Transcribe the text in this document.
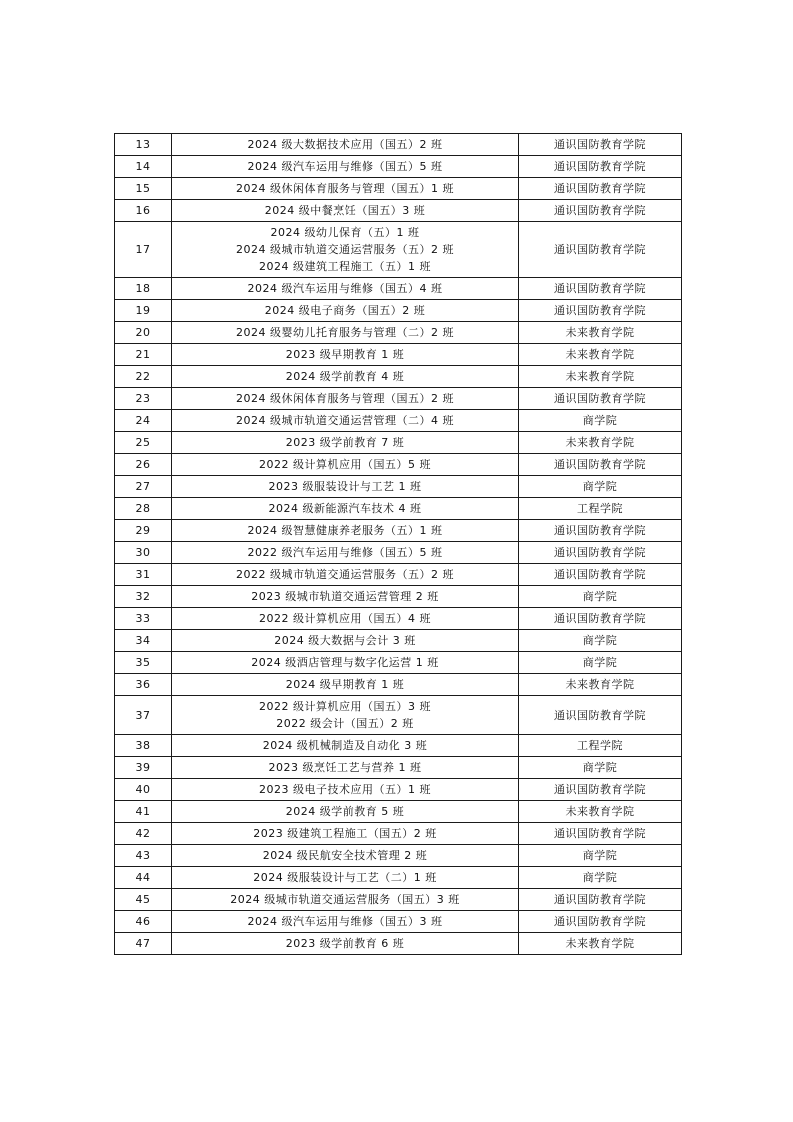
13	2024 级大数据技术应用（国五）2 班	通识国防教育学院
14	2024 级汽车运用与维修（国五）5 班	通识国防教育学院
15	2024 级休闲体育服务与管理（国五）1 班	通识国防教育学院
16	2024 级中餐烹饪（国五）3 班	通识国防教育学院
17	2024 级幼儿保育（五）1 班
2024 级城市轨道交通运营服务（五）2 班
2024 级建筑工程施工（五）1 班	通识国防教育学院
18	2024 级汽车运用与维修（国五）4 班	通识国防教育学院
19	2024 级电子商务（国五）2 班	通识国防教育学院
20	2024 级婴幼儿托育服务与管理（二）2 班	未来教育学院
21	2023 级早期教育 1 班	未来教育学院
22	2024 级学前教育 4 班	未来教育学院
23	2024 级休闲体育服务与管理（国五）2 班	通识国防教育学院
24	2024 级城市轨道交通运营管理（二）4 班	商学院
25	2023 级学前教育 7 班	未来教育学院
26	2022 级计算机应用（国五）5 班	通识国防教育学院
27	2023 级服装设计与工艺 1 班	商学院
28	2024 级新能源汽车技术 4 班	工程学院
29	2024 级智慧健康养老服务（五）1 班	通识国防教育学院
30	2022 级汽车运用与维修（国五）5 班	通识国防教育学院
31	2022 级城市轨道交通运营服务（五）2 班	通识国防教育学院
32	2023 级城市轨道交通运营管理 2 班	商学院
33	2022 级计算机应用（国五）4 班	通识国防教育学院
34	2024 级大数据与会计 3 班	商学院
35	2024 级酒店管理与数字化运营 1 班	商学院
36	2024 级早期教育 1 班	未来教育学院
37	2022 级计算机应用（国五）3 班
2022 级会计（国五）2 班	通识国防教育学院
38	2024 级机械制造及自动化 3 班	工程学院
39	2023 级烹饪工艺与营养 1 班	商学院
40	2023 级电子技术应用（五）1 班	通识国防教育学院
41	2024 级学前教育 5 班	未来教育学院
42	2023 级建筑工程施工（国五）2 班	通识国防教育学院
43	2024 级民航安全技术管理 2 班	商学院
44	2024 级服装设计与工艺（二）1 班	商学院
45	2024 级城市轨道交通运营服务（国五）3 班	通识国防教育学院
46	2024 级汽车运用与维修（国五）3 班	通识国防教育学院
47	2023 级学前教育 6 班	未来教育学院
